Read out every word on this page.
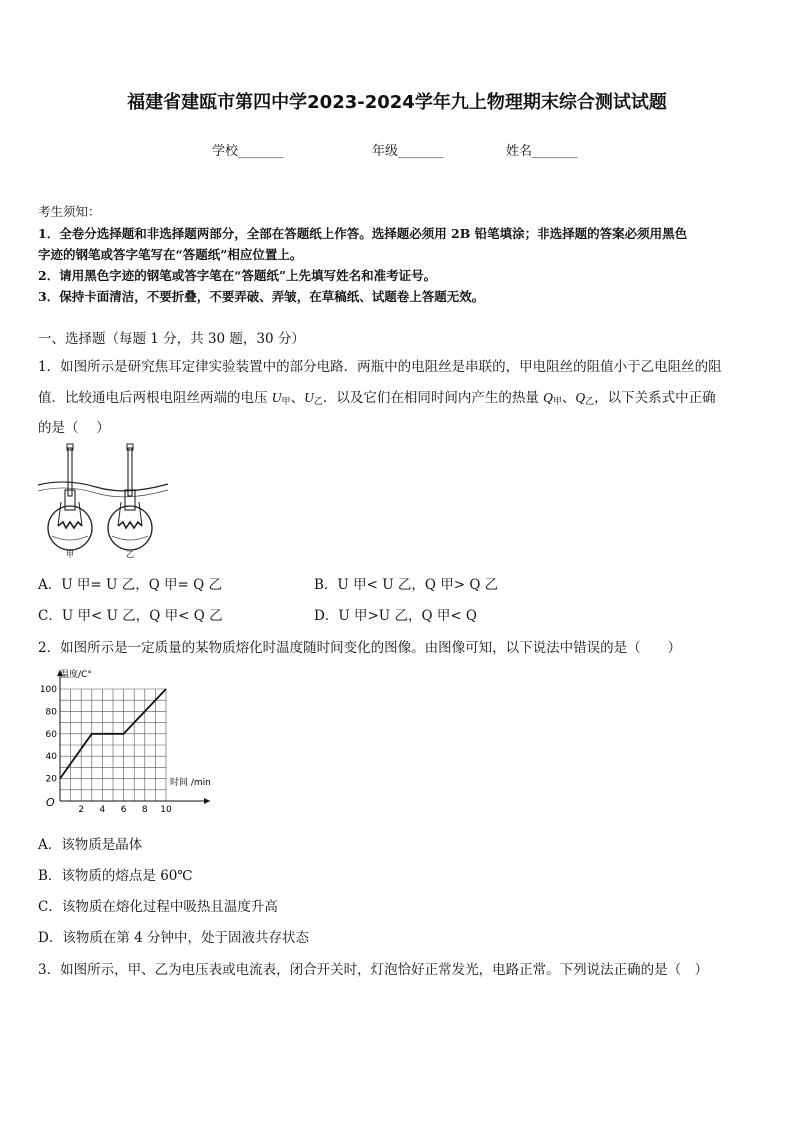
福建省建瓯市第四中学2023-2024学年九上物理期末综合测试试题
学校_______	年级_______	姓名_______
考生须知：
1．全卷分选择题和非选择题两部分，全部在答题纸上作答。选择题必须用 2B 铅笔填涂；非选择题的答案必须用黑色
字迹的钢笔或答字笔写在“答题纸”相应位置上。
2．请用黑色字迹的钢笔或答字笔在“答题纸”上先填写姓名和准考证号。
3．保持卡面清洁，不要折叠，不要弄破、弄皱，在草稿纸、试题卷上答题无效。
一、选择题（每题 1 分，共 30 题，30 分）
1．如图所示是研究焦耳定律实验装置中的部分电路．两瓶中的电阻丝是串联的，甲电阻丝的阻值小于乙电阻丝的阻
值．比较通电后两根电阻丝两端的电压 $U_甲$、$U_乙$．以及它们在相同时间内产生的热量 $Q_甲$、$Q_乙$，以下关系式中正确
的是（　 ）
甲	乙
A．U 甲= U 乙，Q 甲= Q 乙	B．U 甲< U 乙，Q 甲> Q 乙
C．U 甲< U 乙，Q 甲< Q 乙	D．U 甲>U 乙，Q 甲< Q
2．如图所示是一定质量的某物质熔化时温度随时间变化的图像。由图像可知，以下说法中错误的是（　　）
20
40
60
80
100
2 4 6 8 10
温度/C°
时间 /min
O
A．该物质是晶体
B．该物质的熔点是 60℃
C．该物质在熔化过程中吸热且温度升高
D．该物质在第 4 分钟中，处于固液共存状态
3．如图所示，甲、乙为电压表或电流表，闭合开关时，灯泡恰好正常发光，电路正常。下列说法正确的是（　）
